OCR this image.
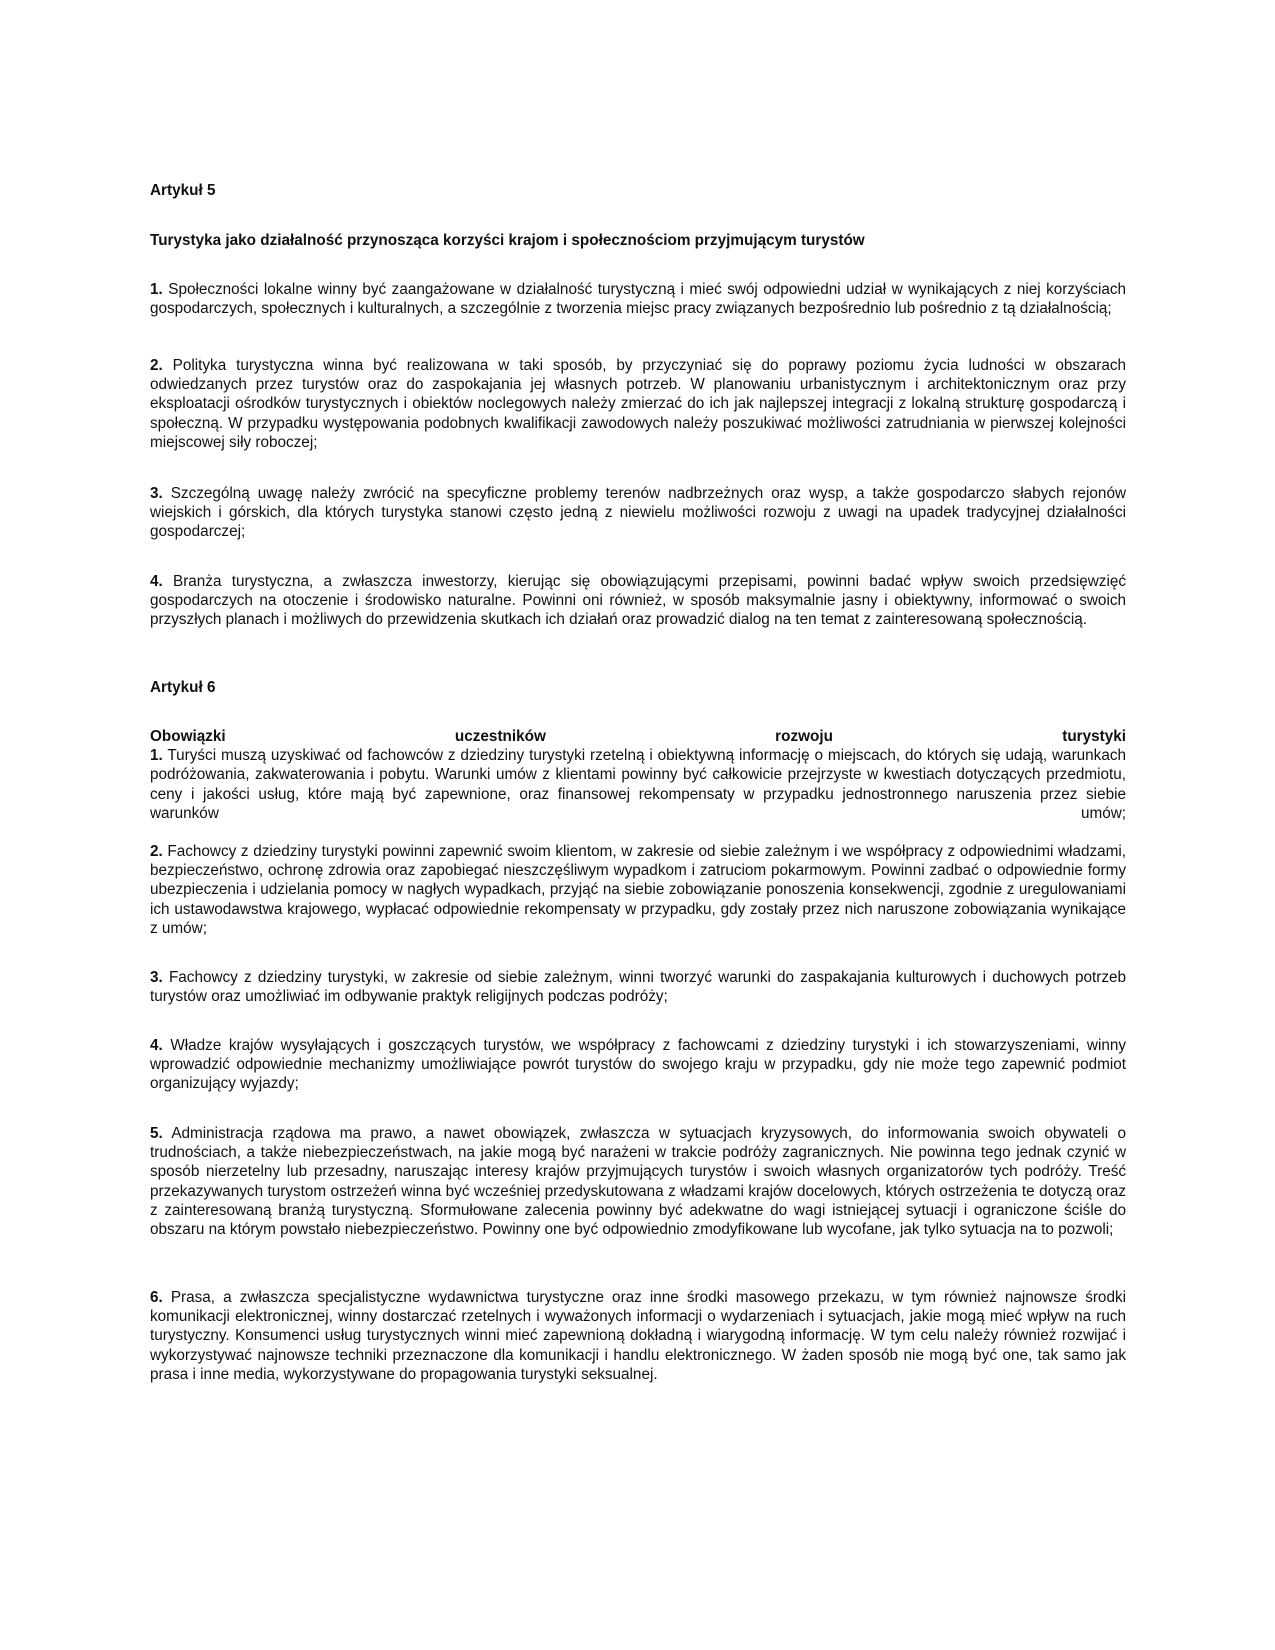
Artykuł 5
Turystyka jako działalność przynosząca korzyści krajom i społecznościom przyjmującym turystów
1. Społeczności lokalne winny być zaangażowane w działalność turystyczną i mieć swój odpowiedni udział w wynikających z niej korzyściach gospodarczych, społecznych i kulturalnych, a szczególnie z tworzenia miejsc pracy związanych bezpośrednio lub pośrednio z tą działalnością;
2. Polityka turystyczna winna być realizowana w taki sposób, by przyczyniać się do poprawy poziomu życia ludności w obszarach odwiedzanych przez turystów oraz do zaspokajania jej własnych potrzeb. W planowaniu urbanistycznym i architektonicznym oraz przy eksploatacji ośrodków turystycznych i obiektów noclegowych należy zmierzać do ich jak najlepszej integracji z lokalną strukturę gospodarczą i społeczną. W przypadku występowania podobnych kwalifikacji zawodowych należy poszukiwać możliwości zatrudniania w pierwszej kolejności miejscowej siły roboczej;
3. Szczególną uwagę należy zwrócić na specyficzne problemy terenów nadbrzeżnych oraz wysp, a także gospodarczo słabych rejonów wiejskich i górskich, dla których turystyka stanowi często jedną z niewielu możliwości rozwoju z uwagi na upadek tradycyjnej działalności gospodarczej;
4. Branża turystyczna, a zwłaszcza inwestorzy, kierując się obowiązującymi przepisami, powinni badać wpływ swoich przedsięwzięć gospodarczych na otoczenie i środowisko naturalne. Powinni oni również, w sposób maksymalnie jasny i obiektywny, informować o swoich przyszłych planach i możliwych do przewidzenia skutkach ich działań oraz prowadzić dialog na ten temat z zainteresowaną społecznością.
Artykuł 6
Obowiązki uczestników rozwoju turystyki
1. Turyści muszą uzyskiwać od fachowców z dziedziny turystyki rzetelną i obiektywną informację o miejscach, do których się udają, warunkach podróżowania, zakwaterowania i pobytu. Warunki umów z klientami powinny być całkowicie przejrzyste w kwestiach dotyczących przedmiotu, ceny i jakości usług, które mają być zapewnione, oraz finansowej rekompensaty w przypadku jednostronnego naruszenia przez siebie warunków umów;
2. Fachowcy z dziedziny turystyki powinni zapewnić swoim klientom, w zakresie od siebie zależnym i we współpracy z odpowiednimi władzami, bezpieczeństwo, ochronę zdrowia oraz zapobiegać nieszczęśliwym wypadkom i zatruciom pokarmowym. Powinni zadbać o odpowiednie formy ubezpieczenia i udzielania pomocy w nagłych wypadkach, przyjąć na siebie zobowiązanie ponoszenia konsekwencji, zgodnie z uregulowaniami ich ustawodawstwa krajowego, wypłacać odpowiednie rekompensaty w przypadku, gdy zostały przez nich naruszone zobowiązania wynikające z umów;
3. Fachowcy z dziedziny turystyki, w zakresie od siebie zależnym, winni tworzyć warunki do zaspakajania kulturowych i duchowych potrzeb turystów oraz umożliwiać im odbywanie praktyk religijnych podczas podróży;
4. Władze krajów wysyłających i goszczących turystów, we współpracy z fachowcami z dziedziny turystyki i ich stowarzyszeniami, winny wprowadzić odpowiednie mechanizmy umożliwiające powrót turystów do swojego kraju w przypadku, gdy nie może tego zapewnić podmiot organizujący wyjazdy;
5. Administracja rządowa ma prawo, a nawet obowiązek, zwłaszcza w sytuacjach kryzysowych, do informowania swoich obywateli o trudnościach, a także niebezpieczeństwach, na jakie mogą być narażeni w trakcie podróży zagranicznych. Nie powinna tego jednak czynić w sposób nierzetelny lub przesadny, naruszając interesy krajów przyjmujących turystów i swoich własnych organizatorów tych podróży. Treść przekazywanych turystom ostrzeżeń winna być wcześniej przedyskutowana z władzami krajów docelowych, których ostrzeżenia te dotyczą oraz z zainteresowaną branżą turystyczną. Sformułowane zalecenia powinny być adekwatne do wagi istniejącej sytuacji i ograniczone ściśle do obszaru na którym powstało niebezpieczeństwo. Powinny one być odpowiednio zmodyfikowane lub wycofane, jak tylko sytuacja na to pozwoli;
6. Prasa, a zwłaszcza specjalistyczne wydawnictwa turystyczne oraz inne środki masowego przekazu, w tym również najnowsze środki komunikacji elektronicznej, winny dostarczać rzetelnych i wyważonych informacji o wydarzeniach i sytuacjach, jakie mogą mieć wpływ na ruch turystyczny. Konsumenci usług turystycznych winni mieć zapewnioną dokładną i wiarygodną informację. W tym celu należy również rozwijać i wykorzystywać najnowsze techniki przeznaczone dla komunikacji i handlu elektronicznego. W żaden sposób nie mogą być one, tak samo jak prasa i inne media, wykorzystywane do propagowania turystyki seksualnej.
